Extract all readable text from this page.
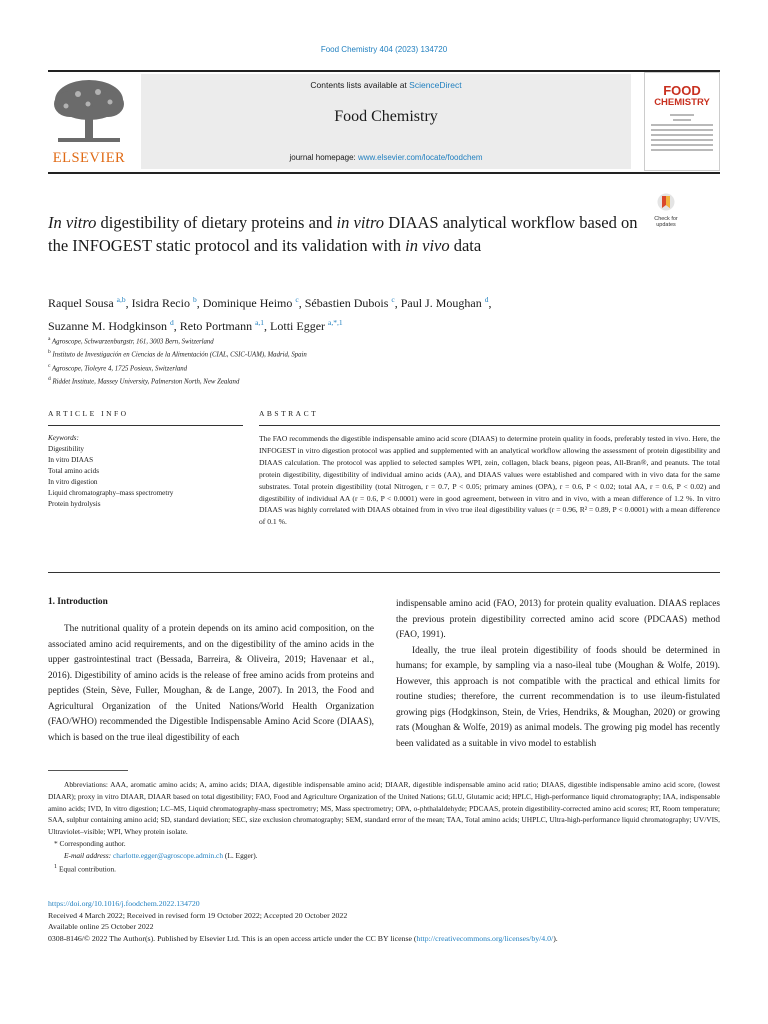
Food Chemistry 404 (2023) 134720
ELSEVIER
Contents lists available at ScienceDirect
Food Chemistry
journal homepage: www.elsevier.com/locate/foodchem
FOOD
CHEMISTRY
Check for
updates
In vitro digestibility of dietary proteins and in vitro DIAAS analytical workflow based on the INFOGEST static protocol and its validation with in vivo data
Raquel Sousa $^{a,b}$, Isidra Recio $^b$, Dominique Heimo $^c$, Sébastien Dubois $^c$, Paul J. Moughan $^d$,
Suzanne M. Hodgkinson $^d$, Reto Portmann $^{a,1}$, Lotti Egger $^{a,*,1}$
$^a$ Agroscope, Schwarzenburgstr, 161, 3003 Bern, Switzerland
$^b$ Instituto de Investigación en Ciencias de la Alimentación (CIAL, CSIC-UAM), Madrid, Spain
$^c$ Agroscope, Tioleyre 4, 1725 Posieux, Switzerland
$^d$ Riddet Institute, Massey University, Palmerston North, New Zealand
ARTICLE INFO	ABSTRACT
Keywords:
Digestibility
In vitro DIAAS
Total amino acids
In vitro digestion
Liquid chromatography–mass spectrometry
Protein hydrolysis
The FAO recommends the digestible indispensable amino acid score (DIAAS) to determine protein quality in foods, preferably tested in vivo. Here, the INFOGEST in vitro digestion protocol was applied and supplemented with an analytical workflow allowing the assessment of protein digestibility and DIAAS calculation. The protocol was applied to selected samples WPI, zein, collagen, black beans, pigeon peas, All-Bran®, and peanuts. The total protein digestibility, digestibility of individual amino acids (AA), and DIAAS values were established and compared with in vivo data for the same substrates. Total protein digestibility (total Nitrogen, r = 0.7, P < 0.05; primary amines (OPA), r = 0.6, P < 0.02; total AA, r = 0.6, P < 0.02) and digestibility of individual AA (r = 0.6, P < 0.0001) were in good agreement, between in vitro and in vivo, with a mean difference of 1.2 %. In vitro DIAAS was highly correlated with DIAAS obtained from in vivo true ileal digestibility values (r = 0.96, R² = 0.89, P < 0.0001) with a mean difference of 0.1 %.
1. Introduction
The nutritional quality of a protein depends on its amino acid composition, on the associated amino acid requirements, and on the digestibility of the amino acids in the upper gastrointestinal tract (Bessada, Barreira, & Oliveira, 2019; Havenaar et al., 2016). Digestibility of amino acids is the release of free amino acids from proteins and peptides (Stein, Sève, Fuller, Moughan, & de Lange, 2007). In 2013, the Food and Agricultural Organization of the United Nations/World Health Organization (FAO/WHO) recommended the Digestible Indispensable Amino Acid Score (DIAAS), which is based on the true ileal digestibility of each

indispensable amino acid (FAO, 2013) for protein quality evaluation. DIAAS replaces the previous protein digestibility corrected amino acid score (PDCAAS) method (FAO, 1991).

Ideally, the true ileal protein digestibility of foods should be determined in humans; for example, by sampling via a naso-ileal tube (Moughan & Wolfe, 2019). However, this approach is not compatible with the practical and ethical limits for routine studies; therefore, the current recommendation is to use ileum-fistulated growing pigs (Hodgkinson, Stein, de Vries, Hendriks, & Moughan, 2020) or growing rats (Moughan & Wolfe, 2019) as animal models. The growing pig model has recently been validated as a suitable in vivo model to establish

Abbreviations: AAA, aromatic amino acids; A, amino acids; DIAA, digestible indispensable amino acid; DIAAR, digestible indispensable amino acid ratio; DIAAS, digestible indispensable amino acid score, (lowest DIAAR); proxy in vitro DIAAR, DIAAR based on total digestibility; FAO, Food and Agriculture Organization of the United Nations; GLU, Glutamic acid; HPLC, High-performance liquid chromatography; IAA, indispensable amino acids; IVD, In vitro digestion; LC–MS, Liquid chromatography-mass spectrometry; MS, Mass spectrometry; OPA, o-phthalaldehyde; PDCAAS, protein digestibility-corrected amino acid scores; RT, Room temperature; SAA, sulphur containing amino acid; SD, standard deviation; SEC, size exclusion chromatography; SEM, standard error of the mean; TAA, Total amino acids; UHPLC, Ultra-high-performance liquid chromatography; UV/VIS, Ultraviolet–visible; WPI, Whey protein isolate.
* Corresponding author.
E-mail address: charlotte.egger@agroscope.admin.ch (L. Egger).
$^1$ Equal contribution.
https://doi.org/10.1016/j.foodchem.2022.134720
Received 4 March 2022; Received in revised form 19 October 2022; Accepted 20 October 2022
Available online 25 October 2022
0308-8146/© 2022 The Author(s). Published by Elsevier Ltd. This is an open access article under the CC BY license (http://creativecommons.org/licenses/by/4.0/).
